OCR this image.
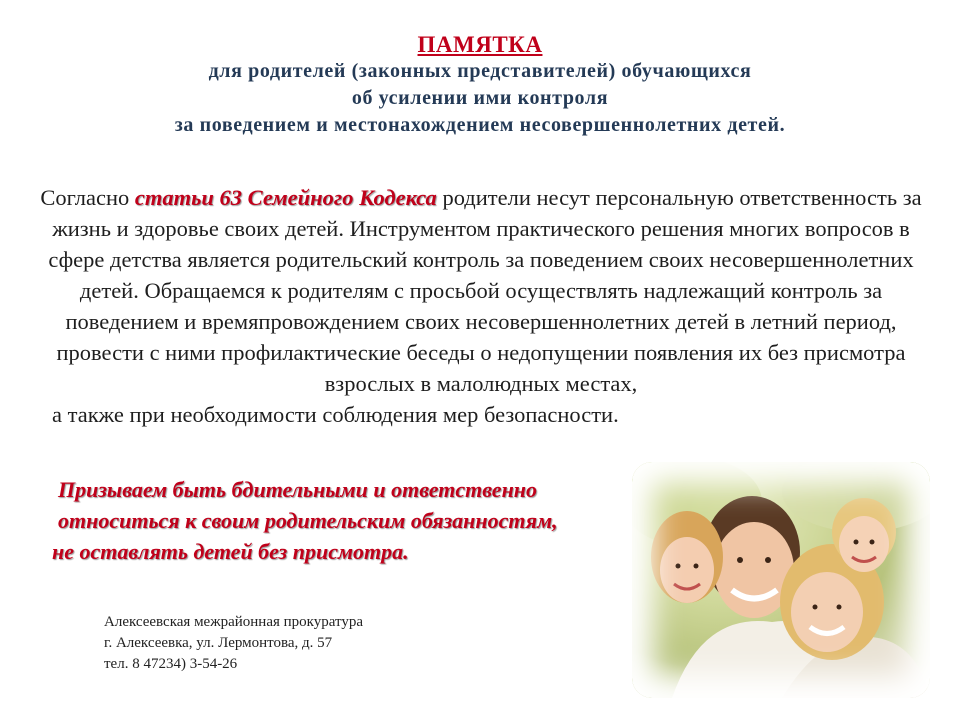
ПАМЯТКА
для родителей (законных представителей) обучающихся
об усилении ими контроля
за поведением и местонахождением несовершеннолетних детей.
Согласно статьи 63 Семейного Кодекса родители несут персональную ответственность за жизнь и здоровье своих детей. Инструментом практического решения многих вопросов в сфере детства является родительский контроль за поведением своих несовершеннолетних детей. Обращаемся к родителям с просьбой осуществлять надлежащий контроль за поведением и времяпровождением своих несовершеннолетних детей в летний период, провести с ними профилактические беседы о недопущении появления их без присмотра взрослых в малолюдных местах,
а также при необходимости соблюдения мер безопасности.
Призываем быть бдительными и ответственно
относиться к своим родительским обязанностям,
не оставлять детей без присмотра.
Алексеевская межрайонная прокуратура
г. Алексеевка, ул. Лермонтова, д. 57
тел. 8 47234) 3-54-26
